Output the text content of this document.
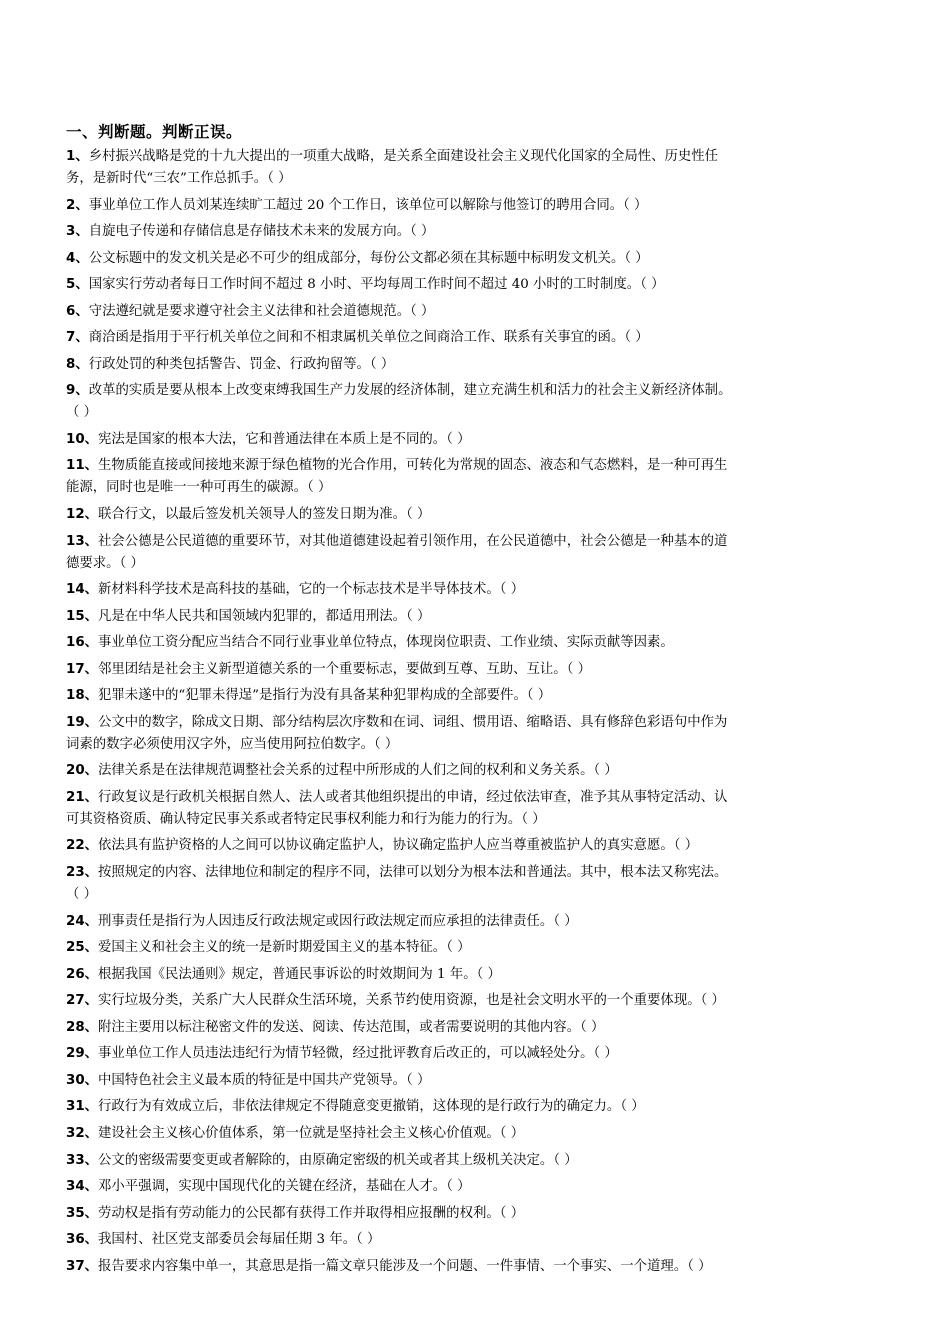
一、判断题。判断正误。
1、乡村振兴战略是党的十九大提出的一项重大战略，是关系全面建设社会主义现代化国家的全局性、历史性任
务，是新时代“三农”工作总抓手。（ ）
2、事业单位工作人员刘某连续旷工超过 20 个工作日，该单位可以解除与他签订的聘用合同。（ ）
3、自旋电子传递和存储信息是存储技术未来的发展方向。（ ）
4、公文标题中的发文机关是必不可少的组成部分，每份公文都必须在其标题中标明发文机关。（ ）
5、国家实行劳动者每日工作时间不超过 8 小时、平均每周工作时间不超过 40 小时的工时制度。（ ）
6、守法遵纪就是要求遵守社会主义法律和社会道德规范。（ ）
7、商洽函是指用于平行机关单位之间和不相隶属机关单位之间商洽工作、联系有关事宜的函。（ ）
8、行政处罚的种类包括警告、罚金、行政拘留等。（ ）
9、改革的实质是要从根本上改变束缚我国生产力发展的经济体制，建立充满生机和活力的社会主义新经济体制。
（ ）
10、宪法是国家的根本大法，它和普通法律在本质上是不同的。（ ）
11、生物质能直接或间接地来源于绿色植物的光合作用，可转化为常规的固态、液态和气态燃料，是一种可再生
能源，同时也是唯一一种可再生的碳源。（ ）
12、联合行文，以最后签发机关领导人的签发日期为准。（ ）
13、社会公德是公民道德的重要环节，对其他道德建设起着引领作用，在公民道德中，社会公德是一种基本的道
德要求。（ ）
14、新材料科学技术是高科技的基础，它的一个标志技术是半导体技术。（ ）
15、凡是在中华人民共和国领域内犯罪的，都适用刑法。（ ）
16、事业单位工资分配应当结合不同行业事业单位特点，体现岗位职责、工作业绩、实际贡献等因素。
17、邻里团结是社会主义新型道德关系的一个重要标志，要做到互尊、互助、互让。（ ）
18、犯罪未遂中的“犯罪未得逞”是指行为没有具备某种犯罪构成的全部要件。（ ）
19、公文中的数字，除成文日期、部分结构层次序数和在词、词组、惯用语、缩略语、具有修辞色彩语句中作为
词素的数字必须使用汉字外，应当使用阿拉伯数字。（ ）
20、法律关系是在法律规范调整社会关系的过程中所形成的人们之间的权利和义务关系。（ ）
21、行政复议是行政机关根据自然人、法人或者其他组织提出的申请，经过依法审查，准予其从事特定活动、认
可其资格资质、确认特定民事关系或者特定民事权利能力和行为能力的行为。（ ）
22、依法具有监护资格的人之间可以协议确定监护人，协议确定监护人应当尊重被监护人的真实意愿。（ ）
23、按照规定的内容、法律地位和制定的程序不同，法律可以划分为根本法和普通法。其中，根本法又称宪法。
（ ）
24、刑事责任是指行为人因违反行政法规定或因行政法规定而应承担的法律责任。（ ）
25、爱国主义和社会主义的统一是新时期爱国主义的基本特征。（ ）
26、根据我国《民法通则》规定，普通民事诉讼的时效期间为 1 年。（ ）
27、实行垃圾分类，关系广大人民群众生活环境，关系节约使用资源，也是社会文明水平的一个重要体现。（ ）
28、附注主要用以标注秘密文件的发送、阅读、传达范围，或者需要说明的其他内容。（ ）
29、事业单位工作人员违法违纪行为情节轻微，经过批评教育后改正的，可以减轻处分。（ ）
30、中国特色社会主义最本质的特征是中国共产党领导。（ ）
31、行政行为有效成立后，非依法律规定不得随意变更撤销，这体现的是行政行为的确定力。（ ）
32、建设社会主义核心价值体系，第一位就是坚持社会主义核心价值观。（ ）
33、公文的密级需要变更或者解除的，由原确定密级的机关或者其上级机关决定。（ ）
34、邓小平强调，实现中国现代化的关键在经济，基础在人才。（ ）
35、劳动权是指有劳动能力的公民都有获得工作并取得相应报酬的权利。（ ）
36、我国村、社区党支部委员会每届任期 3 年。（ ）
37、报告要求内容集中单一，其意思是指一篇文章只能涉及一个问题、一件事情、一个事实、一个道理。（ ）
